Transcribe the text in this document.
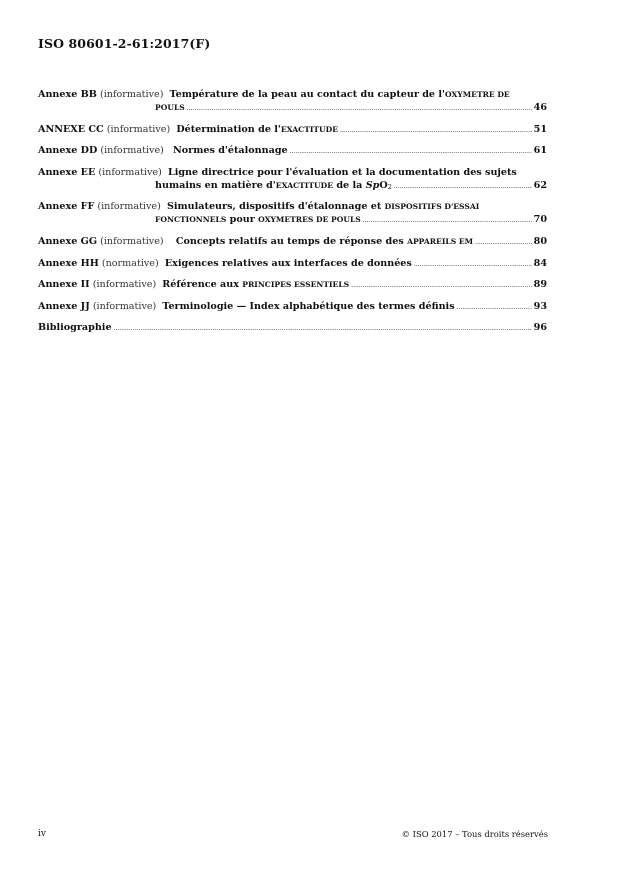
ISO 80601-2-61:2017(F)
Annexe BB
(informative)
Température de la peau au contact du capteur de l' OXYMETRE DE
POULS .....	46
ANNEXE CC
(informative)
Détermination de l' EXACTITUDE .....	51
Annexe DD
(informative)
Normes d'étalonnage .....	61
Annexe EE
(informative)
Ligne directrice pour l'évaluation et la documentation des sujets
humains en matière d' EXACTITUDE de la Sp $O_2$ .....	62
Annexe FF
(informative)
Simulateurs, dispositifs d'étalonnage et DISPOSITIFS D'ESSAI
FONCTIONNELS pour OXYMETRES DE POULS .....	70
Annexe GG
(informative)
Concepts relatifs au temps de réponse des APPAREILS EM .....	80
Annexe HH
(normative)
Exigences relatives aux interfaces de données .....	84
Annexe II
(informative)
Référence aux PRINCIPES ESSENTIELS .....	89
Annexe JJ
(informative)
Terminologie — Index alphabétique des termes définis .....	93
Bibliographie .....	96
iv	© ISO 2017 – Tous droits réservés
